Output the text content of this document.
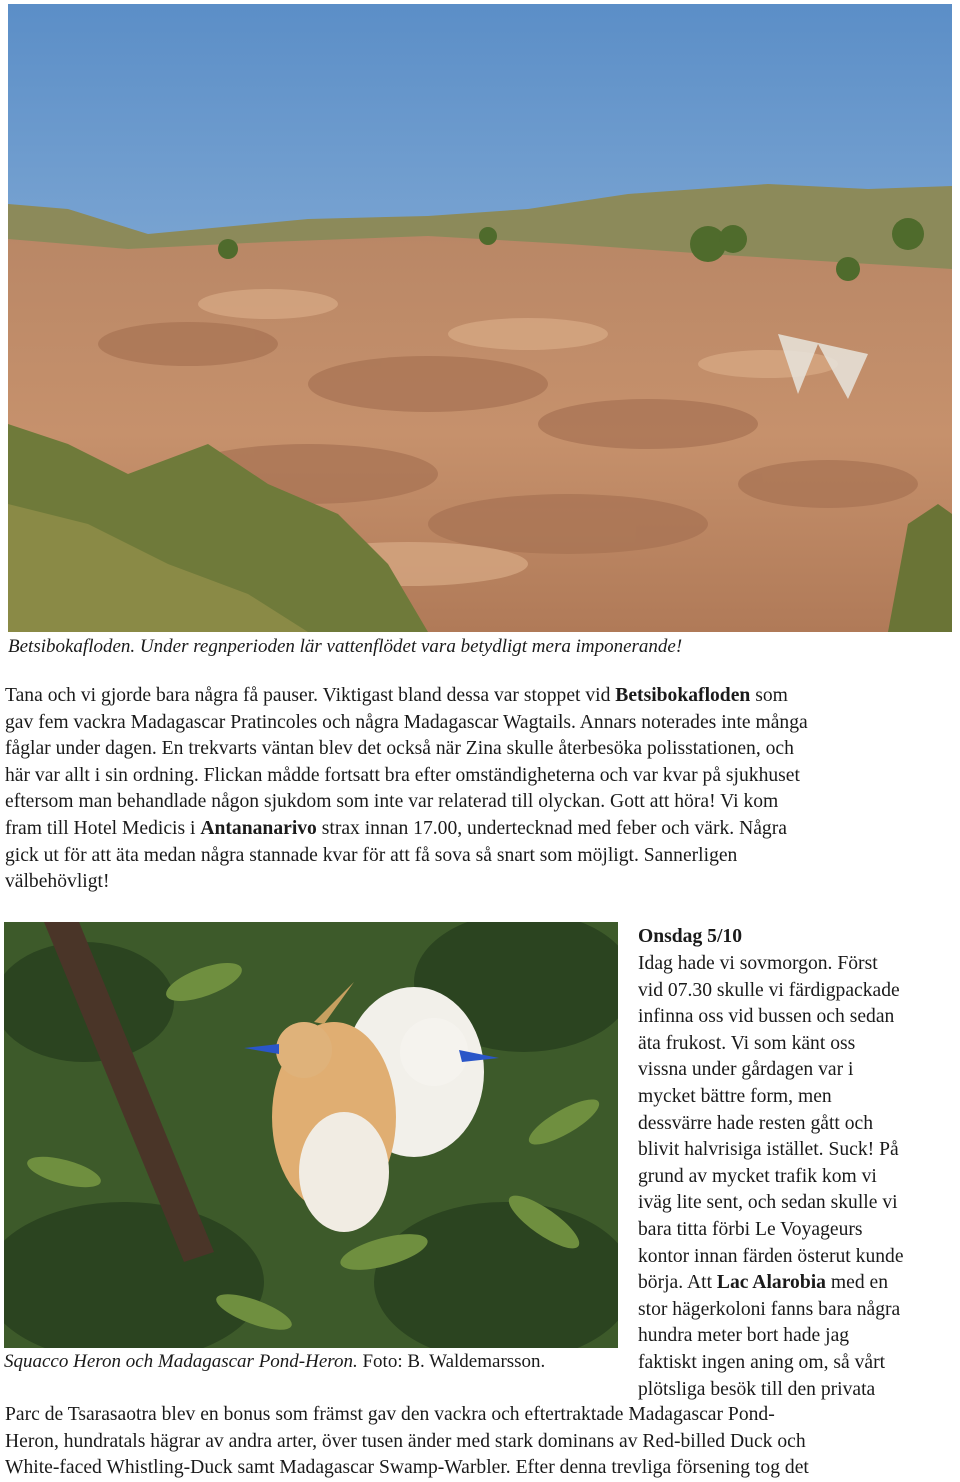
Betsibokafloden. Under regnperioden lär vattenflödet vara betydligt mera imponerande!
Tana och vi gjorde bara några få pauser. Viktigast bland dessa var stoppet vid Betsibokafloden som
gav fem vackra Madagascar Pratincoles och några Madagascar Wagtails. Annars noterades inte många
fåglar under dagen. En trekvarts väntan blev det också när Zina skulle återbesöka polisstationen, och
här var allt i sin ordning. Flickan mådde fortsatt bra efter omständigheterna och var kvar på sjukhuset
eftersom man behandlade någon sjukdom som inte var relaterad till olyckan. Gott att höra! Vi kom
fram till Hotel Medicis i Antananarivo strax innan 17.00, undertecknad med feber och värk. Några
gick ut för att äta medan några stannade kvar för att få sova så snart som möjligt. Sannerligen
välbehövligt!
Squacco Heron och Madagascar Pond-Heron. Foto: B. Waldemarsson.
Onsdag 5/10
Idag hade vi sovmorgon. Först
vid 07.30 skulle vi färdigpackade
infinna oss vid bussen och sedan
äta frukost. Vi som känt oss
vissna under gårdagen var i
mycket bättre form, men
dessvärre hade resten gått och
blivit halvrisiga istället. Suck! På
grund av mycket trafik kom vi
iväg lite sent, och sedan skulle vi
bara titta förbi Le Voyageurs
kontor innan färden österut kunde
börja. Att Lac Alarobia med en
stor hägerkoloni fanns bara några
hundra meter bort hade jag
faktiskt ingen aning om, så vårt
plötsliga besök till den privata
Parc de Tsarasaotra blev en bonus som främst gav den vackra och eftertraktade Madagascar Pond-
Heron, hundratals hägrar av andra arter, över tusen änder med stark dominans av Red-billed Duck och
White-faced Whistling-Duck samt Madagascar Swamp-Warbler. Efter denna trevliga försening tog det
